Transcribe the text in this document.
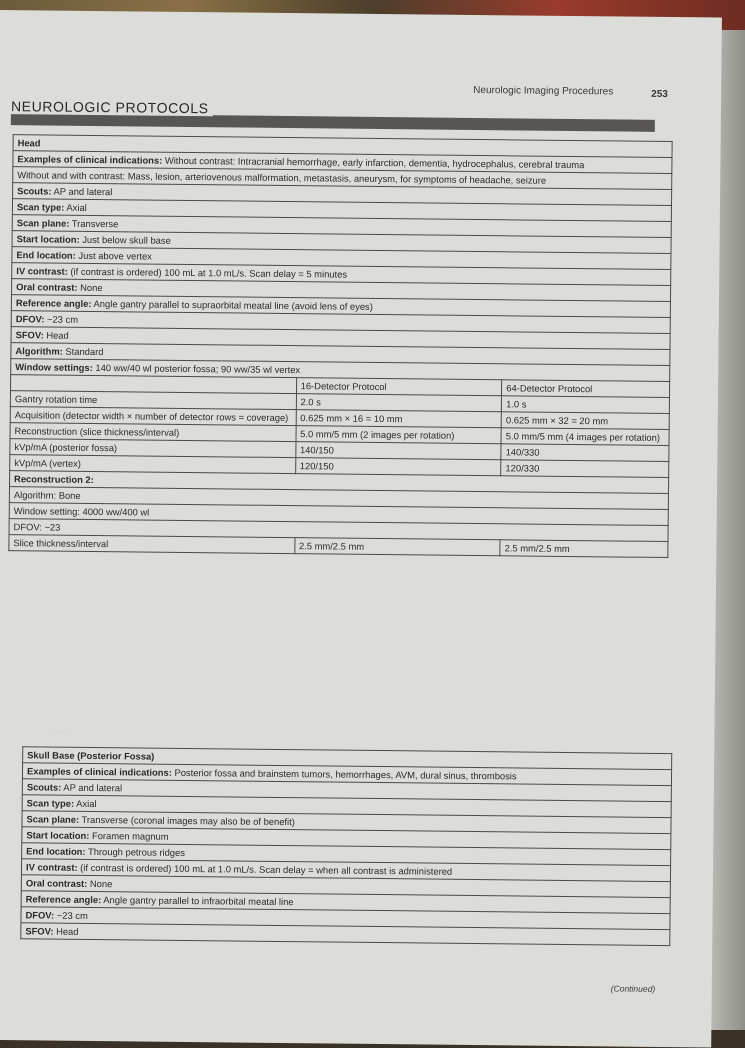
Neurologic Imaging Procedures	253
NEUROLOGIC PROTOCOLS
Head		
Examples of clinical indications: Without contrast: Intracranial hemorrhage, early infarction, dementia, hydrocephalus, cerebral trauma		
Without and with contrast: Mass, lesion, arteriovenous malformation, metastasis, aneurysm, for symptoms of headache, seizure		
Scouts: AP and lateral		
Scan type: Axial		
Scan plane: Transverse		
Start location: Just below skull base		
End location: Just above vertex		
IV contrast: (if contrast is ordered) 100 mL at 1.0 mL/s. Scan delay = 5 minutes		
Oral contrast: None		
Reference angle: Angle gantry parallel to supraorbital meatal line (avoid lens of eyes)		
DFOV: ~23 cm		
SFOV: Head		
Algorithm: Standard		
Window settings: 140 ww/40 wl posterior fossa; 90 ww/35 wl vertex		
	16-Detector Protocol	64-Detector Protocol
Gantry rotation time	2.0 s	1.0 s
Acquisition (detector width × number of detector rows = coverage)	0.625 mm × 16 = 10 mm	0.625 mm × 32 = 20 mm
Reconstruction (slice thickness/interval)	5.0 mm/5 mm (2 images per rotation)	5.0 mm/5 mm (4 images per rotation)
kVp/mA (posterior fossa)	140/150	140/330
kVp/mA (vertex)	120/150	120/330
Reconstruction 2:		
Algorithm: Bone		
Window setting: 4000 ww/400 wl		
DFOV: ~23		
Slice thickness/interval	2.5 mm/2.5 mm	2.5 mm/2.5 mm
· · · ·
Skull Base (Posterior Fossa)
Examples of clinical indications: Posterior fossa and brainstem tumors, hemorrhages, AVM, dural sinus, thrombosis
Scouts: AP and lateral
Scan type: Axial
Scan plane: Transverse (coronal images may also be of benefit)
Start location: Foramen magnum
End location: Through petrous ridges
IV contrast: (if contrast is ordered) 100 mL at 1.0 mL/s. Scan delay = when all contrast is administered
Oral contrast: None
Reference angle: Angle gantry parallel to infraorbital meatal line
DFOV: ~23 cm
SFOV: Head
(Continued)
